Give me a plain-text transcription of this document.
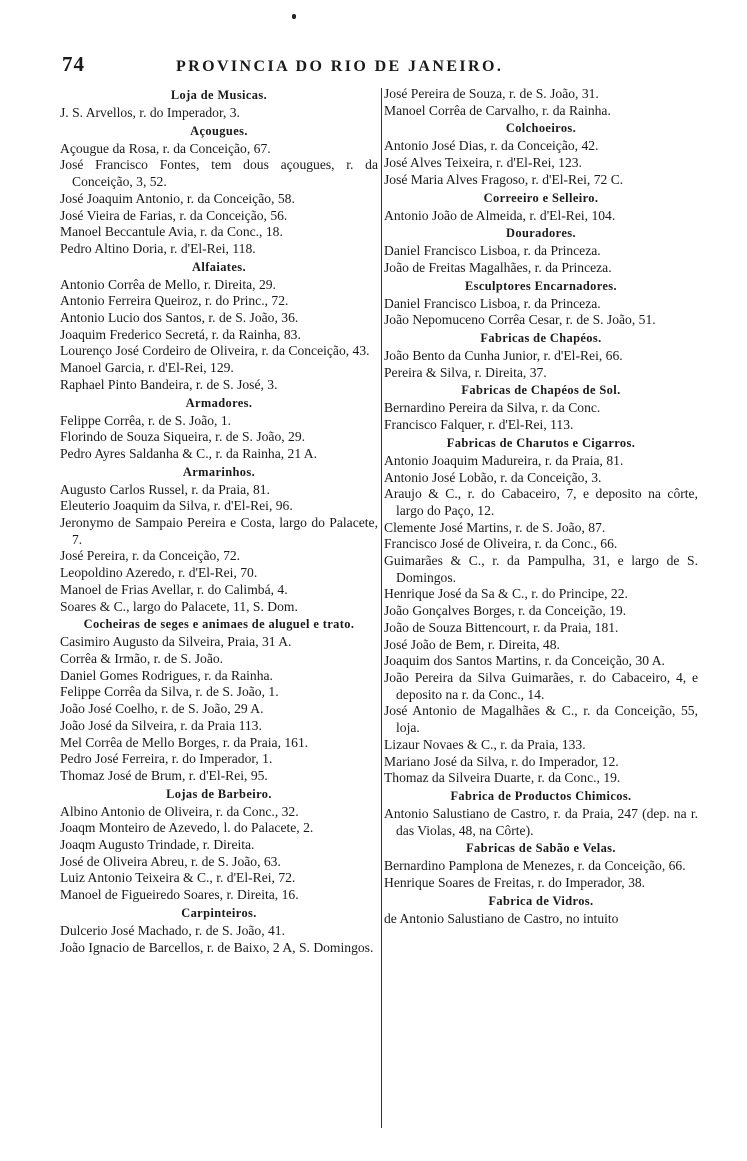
74	PROVINCIA DO RIO DE JANEIRO.
Loja de Musicas.

J. S. Arvellos, r. do Imperador, 3.

Açougues.

Açougue da Rosa, r. da Conceição, 67.

José Francisco Fontes, tem dous açougues, r. da Conceição, 3, 52.

José Joaquim Antonio, r. da Conceição, 58.

José Vieira de Farias, r. da Conceição, 56.

Manoel Beccantule Avia, r. da Conc., 18.

Pedro Altino Doria, r. d'El-Rei, 118.

Alfaiates.

Antonio Corrêa de Mello, r. Direita, 29.

Antonio Ferreira Queiroz, r. do Princ., 72.

Antonio Lucio dos Santos, r. de S. João, 36.

Joaquim Frederico Secretá, r. da Rainha, 83.

Lourenço José Cordeiro de Oliveira, r. da Conceição, 43.

Manoel Garcia, r. d'El-Rei, 129.

Raphael Pinto Bandeira, r. de S. José, 3.

Armadores.

Felippe Corrêa, r. de S. João, 1.

Florindo de Souza Siqueira, r. de S. João, 29.

Pedro Ayres Saldanha & C., r. da Rainha, 21 A.

Armarinhos.

Augusto Carlos Russel, r. da Praia, 81.

Eleuterio Joaquim da Silva, r. d'El-Rei, 96.

Jeronymo de Sampaio Pereira e Costa, largo do Palacete, 7.

José Pereira, r. da Conceição, 72.

Leopoldino Azeredo, r. d'El-Rei, 70.

Manoel de Frias Avellar, r. do Calimbá, 4.

Soares & C., largo do Palacete, 11, S. Dom.

Cocheiras de seges e animaes de aluguel e trato.

Casimiro Augusto da Silveira, Praia, 31 A.

Corrêa & Irmão, r. de S. João.

Daniel Gomes Rodrigues, r. da Rainha.

Felippe Corrêa da Silva, r. de S. João, 1.

João José Coelho, r. de S. João, 29 A.

João José da Silveira, r. da Praia 113.

Mel Corrêa de Mello Borges, r. da Praia, 161.

Pedro José Ferreira, r. do Imperador, 1.

Thomaz José de Brum, r. d'El-Rei, 95.

Lojas de Barbeiro.

Albino Antonio de Oliveira, r. da Conc., 32.

Joaqm Monteiro de Azevedo, l. do Palacete, 2.

Joaqm Augusto Trindade, r. Direita.

José de Oliveira Abreu, r. de S. João, 63.

Luiz Antonio Teixeira & C., r. d'El-Rei, 72.

Manoel de Figueiredo Soares, r. Direita, 16.

Carpinteiros.

Dulcerio José Machado, r. de S. João, 41.

João Ignacio de Barcellos, r. de Baixo, 2 A, S. Domingos.

José Pereira de Souza, r. de S. João, 31.

Manoel Corrêa de Carvalho, r. da Rainha.

Colchoeiros.

Antonio José Dias, r. da Conceição, 42.

José Alves Teixeira, r. d'El-Rei, 123.

José Maria Alves Fragoso, r. d'El-Rei, 72 C.

Correeiro e Selleiro.

Antonio João de Almeida, r. d'El-Rei, 104.

Douradores.

Daniel Francisco Lisboa, r. da Princeza.

João de Freitas Magalhães, r. da Princeza.

Esculptores Encarnadores.

Daniel Francisco Lisboa, r. da Princeza.

João Nepomuceno Corrêa Cesar, r. de S. João, 51.

Fabricas de Chapéos.

João Bento da Cunha Junior, r. d'El-Rei, 66.

Pereira & Silva, r. Direita, 37.

Fabricas de Chapéos de Sol.

Bernardino Pereira da Silva, r. da Conc.

Francisco Falquer, r. d'El-Rei, 113.

Fabricas de Charutos e Cigarros.

Antonio Joaquim Madureira, r. da Praia, 81.

Antonio José Lobão, r. da Conceição, 3.

Araujo & C., r. do Cabaceiro, 7, e deposito na côrte, largo do Paço, 12.

Clemente José Martins, r. de S. João, 87.

Francisco José de Oliveira, r. da Conc., 66.

Guimarães & C., r. da Pampulha, 31, e largo de S. Domingos.

Henrique José da Sa & C., r. do Principe, 22.

João Gonçalves Borges, r. da Conceição, 19.

João de Souza Bittencourt, r. da Praia, 181.

José João de Bem, r. Direita, 48.

Joaquim dos Santos Martins, r. da Conceição, 30 A.

João Pereira da Silva Guimarães, r. do Cabaceiro, 4, e deposito na r. da Conc., 14.

José Antonio de Magalhães & C., r. da Conceição, 55, loja.

Lizaur Novaes & C., r. da Praia, 133.

Mariano José da Silva, r. do Imperador, 12.

Thomaz da Silveira Duarte, r. da Conc., 19.

Fabrica de Productos Chimicos.

Antonio Salustiano de Castro, r. da Praia, 247 (dep. na r. das Violas, 48, na Côrte).

Fabricas de Sabão e Velas.

Bernardino Pamplona de Menezes, r. da Conceição, 66.

Henrique Soares de Freitas, r. do Imperador, 38.

Fabrica de Vidros.

de Antonio Salustiano de Castro, no intuito
